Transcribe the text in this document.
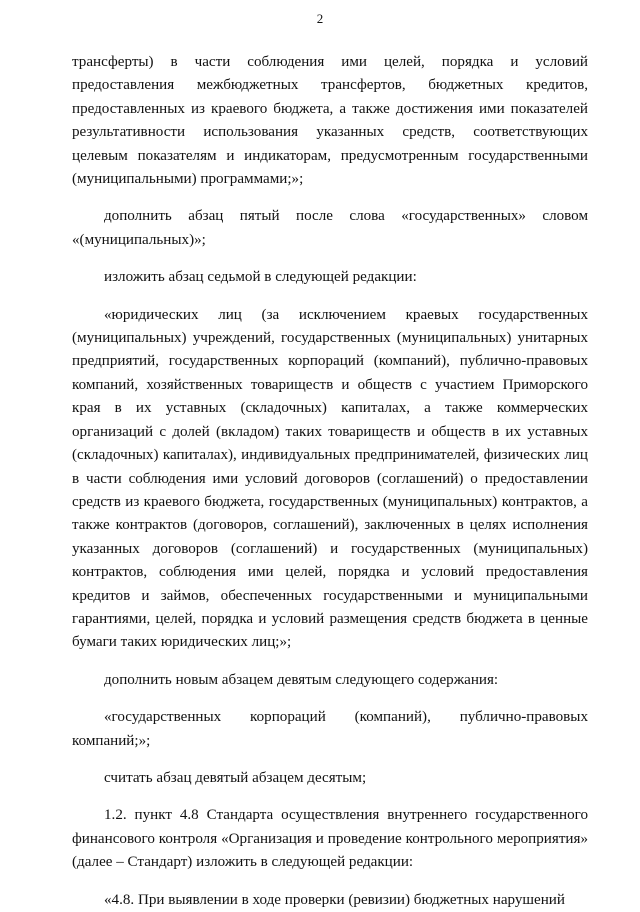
2

трансферты) в части соблюдения ими целей, порядка и условий предоставления межбюджетных трансфертов, бюджетных кредитов, предоставленных из краевого бюджета, а также достижения ими показателей результативности использования указанных средств, соответствующих целевым показателям и индикаторам, предусмотренным государственными (муниципальными) программами;»;

дополнить абзац пятый после слова «государственных» словом «(муниципальных)»;

изложить абзац седьмой в следующей редакции:

«юридических лиц (за исключением краевых государственных (муниципальных) учреждений, государственных (муниципальных) унитарных предприятий, государственных корпораций (компаний), публично-правовых компаний, хозяйственных товариществ и обществ с участием Приморского края в их уставных (складочных) капиталах, а также коммерческих организаций с долей (вкладом) таких товариществ и обществ в их уставных (складочных) капиталах), индивидуальных предпринимателей, физических лиц в части соблюдения ими условий договоров (соглашений) о предоставлении средств из краевого бюджета, государственных (муниципальных) контрактов, а также контрактов (договоров, соглашений), заключенных в целях исполнения указанных договоров (соглашений) и государственных (муниципальных) контрактов, соблюдения ими целей, порядка и условий предоставления кредитов и займов, обеспеченных государственными и муниципальными гарантиями, целей, порядка и условий размещения средств бюджета в ценные бумаги таких юридических лиц;»;

дополнить новым абзацем девятым следующего содержания:

«государственных корпораций (компаний), публично-правовых компаний;»;

считать абзац девятый абзацем десятым;

1.2. пункт 4.8 Стандарта осуществления внутреннего государственного финансового контроля «Организация и проведение контрольного мероприятия» (далее – Стандарт) изложить в следующей редакции:

«4.8. При выявлении в ходе проверки (ревизии) бюджетных нарушений
